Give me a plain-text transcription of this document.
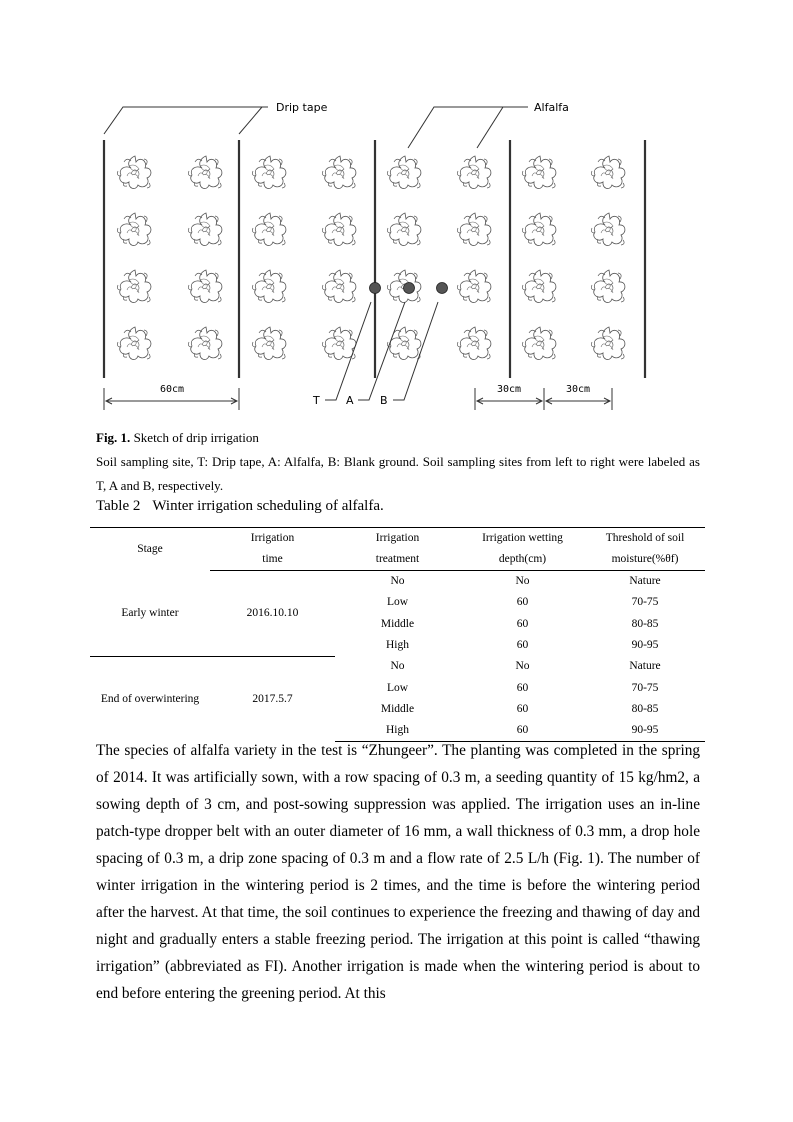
Drip tape	Alfalfa
T A B
60cm	30cm	30cm
Fig. 1. Sketch of drip irrigation
Soil sampling site, T: Drip tape, A: Alfalfa, B: Blank ground. Soil sampling sites from left to right were labeled as T, A and B, respectively.
Table 2 Winter irrigation scheduling of alfalfa.
Stage	Irrigation	Irrigation	Irrigation wetting	Threshold of soil
	time	treatment	depth(cm)	moisture(%θf)
Early winter	2016.10.10	No	No	Nature
		Low	60	70-75
		Middle	60	80-85
		High	60	90-95
End of overwintering	2017.5.7	No	No	Nature
		Low	60	70-75
		Middle	60	80-85
		High	60	90-95
The species of alfalfa variety in the test is “Zhungeer”. The planting was completed in the spring of 2014. It was artificially sown, with a row spacing of 0.3 m, a seeding quantity of 15 kg/hm2, a sowing depth of 3 cm, and post-sowing suppression was applied. The irrigation uses an in-line patch-type dropper belt with an outer diameter of 16 mm, a wall thickness of 0.3 mm, a drop hole spacing of 0.3 m, a drip zone spacing of 0.3 m and a flow rate of 2.5 L/h (Fig. 1). The number of winter irrigation in the wintering period is 2 times, and the time is before the wintering period after the harvest. At that time, the soil continues to experience the freezing and thawing of day and night and gradually enters a stable freezing period. The irrigation at this point is called “thawing irrigation” (abbreviated as FI). Another irrigation is made when the wintering period is about to end before entering the greening period. At this
